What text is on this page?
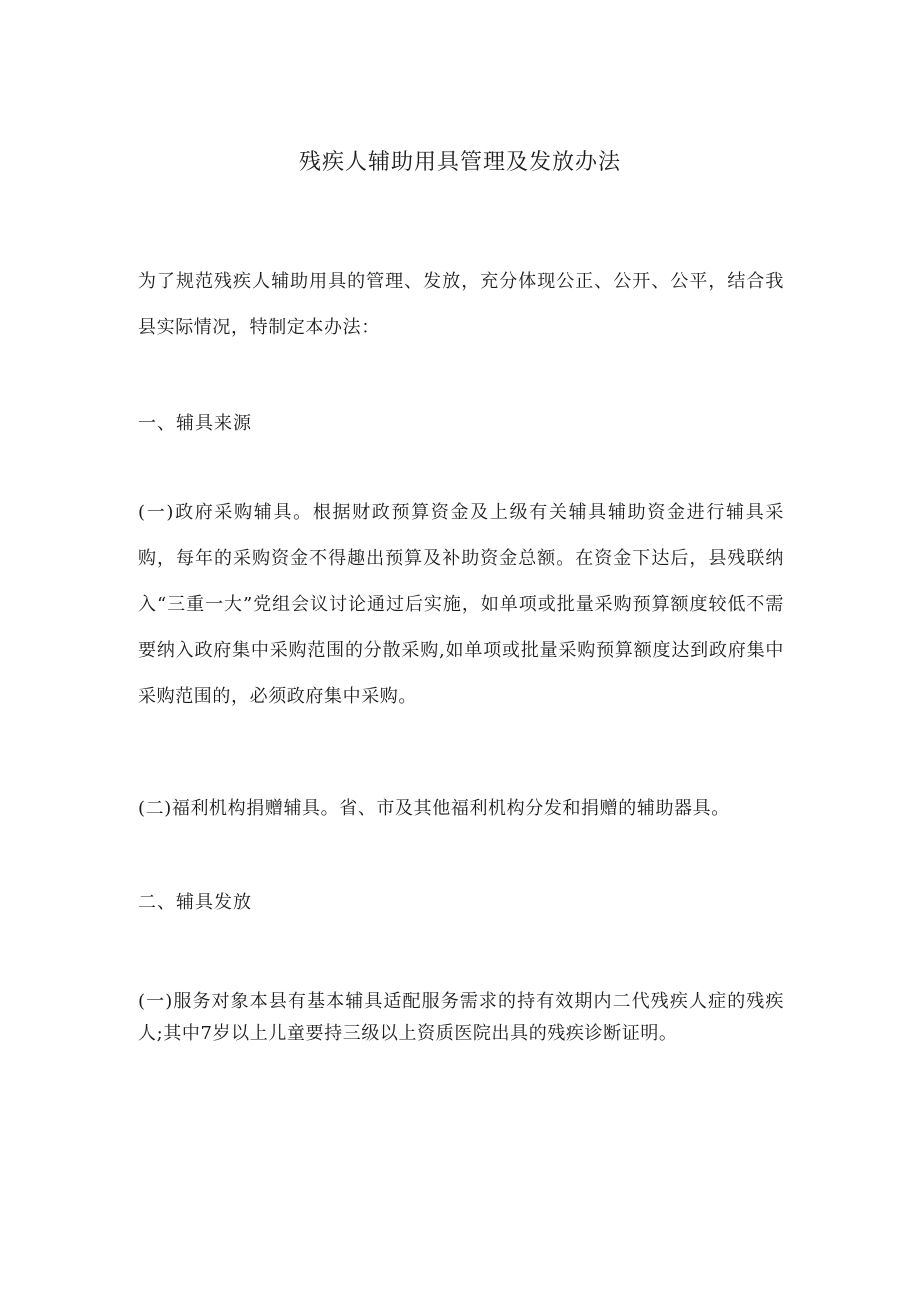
残疾人辅助用具管理及发放办法

为了规范残疾人辅助用具的管理、发放，充分体现公正、公开、公平，结合我县实际情况，特制定本办法：

一、辅具来源

(一)政府采购辅具。根据财政预算资金及上级有关辅具辅助资金进行辅具采购，每年的采购资金不得趣出预算及补助资金总额。在资金下达后，县残联纳入“三重一大”党组会议讨论通过后实施，如单项或批量采购预算额度较低不需要纳入政府集中采购范围的分散采购,如单项或批量采购预算额度达到政府集中采购范围的，必须政府集中采购。

(二)福利机构捐赠辅具。省、市及其他福利机构分发和捐赠的辅助器具。

二、辅具发放

(一)服务对象本县有基本辅具适配服务需求的持有效期内二代残疾人症的残疾人;其中7岁以上儿童要持三级以上资质医院出具的残疾诊断证明。
